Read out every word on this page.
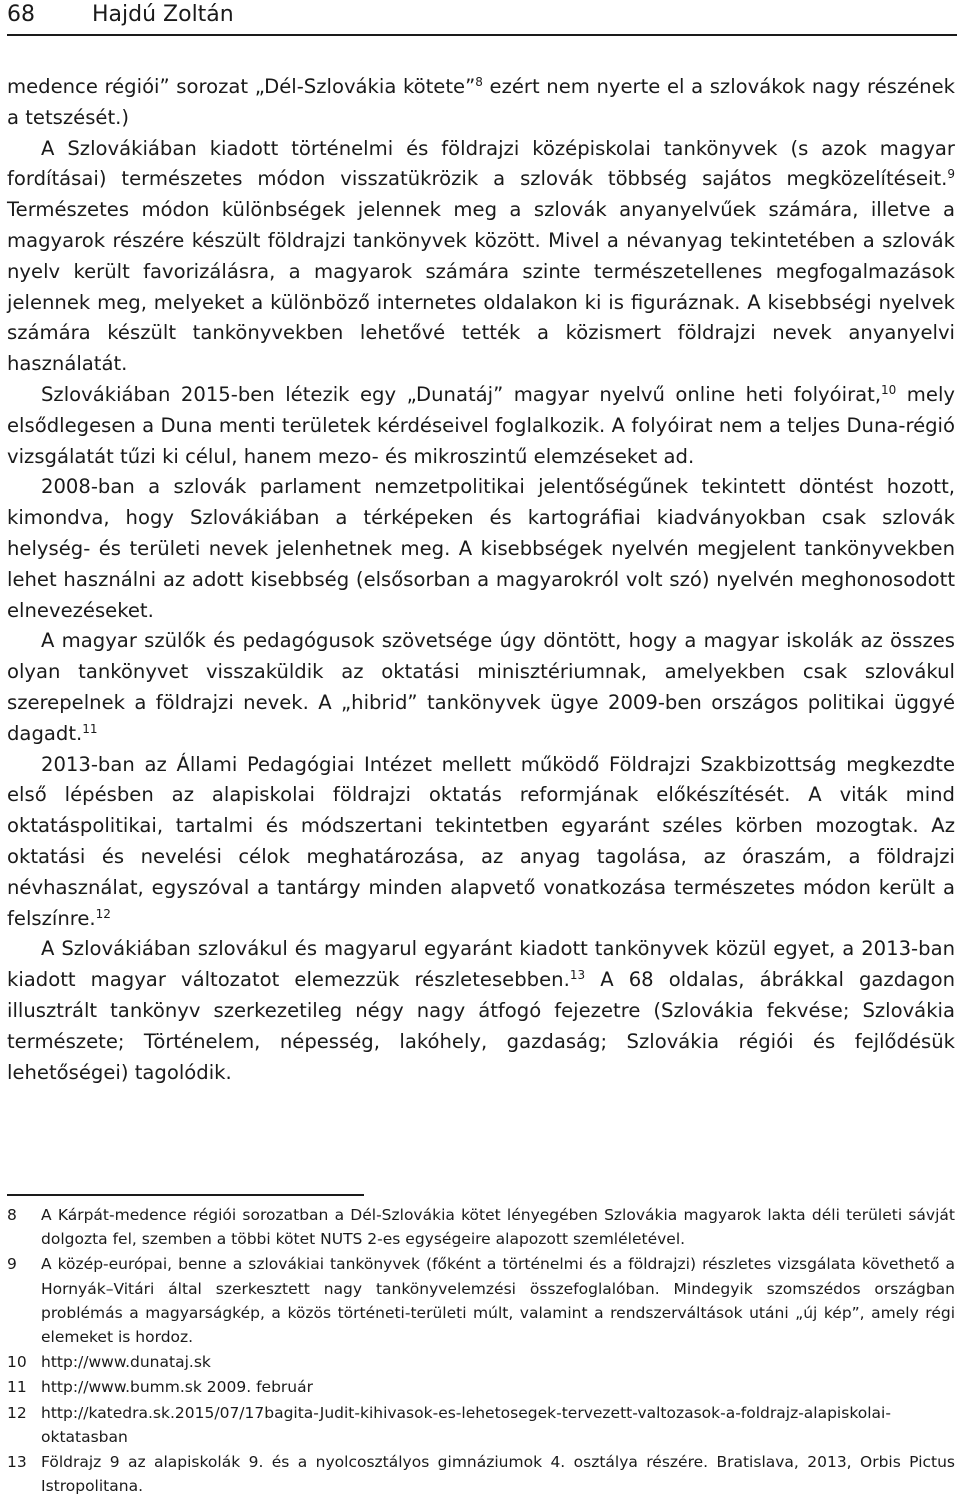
68	Hajdú Zoltán

medence régiói” sorozat „Dél-Szlovákia kötete”$^8$ ezért nem nyerte el a szlovákok nagy részének a tetszését.)

A Szlovákiában kiadott történelmi és földrajzi középiskolai tankönyvek (s azok magyar fordításai) természetes módon visszatükrözik a szlovák többség sajátos megközelítéseit.$^9$ Természetes módon különbségek jelennek meg a szlovák anyanyelvűek számára, illetve a magyarok részére készült földrajzi tankönyvek között. Mivel a névanyag tekintetében a szlovák nyelv került favorizálásra, a magyarok számára szinte természetellenes megfogalmazások jelennek meg, melyeket a különböző internetes oldalakon ki is figuráznak. A kisebbségi nyelvek számára készült tankönyvekben lehetővé tették a közismert földrajzi nevek anyanyelvi használatát.

Szlovákiában 2015-ben létezik egy „Dunatáj” magyar nyelvű online heti folyóirat,$^{10}$ mely elsődlegesen a Duna menti területek kérdéseivel foglalkozik. A folyóirat nem a teljes Duna-régió vizsgálatát tűzi ki célul, hanem mezo- és mikroszintű elemzéseket ad.

2008-ban a szlovák parlament nemzetpolitikai jelentőségűnek tekintett döntést hozott, kimondva, hogy Szlovákiában a térképeken és kartográfiai kiadványokban csak szlovák helység- és területi nevek jelenhetnek meg. A kisebbségek nyelvén megjelent tankönyvekben lehet használni az adott kisebbség (elsősorban a magyarokról volt szó) nyelvén meghonosodott elnevezéseket.

A magyar szülők és pedagógusok szövetsége úgy döntött, hogy a magyar iskolák az összes olyan tankönyvet visszaküldik az oktatási minisztériumnak, amelyekben csak szlovákul szerepelnek a földrajzi nevek. A „hibrid” tankönyvek ügye 2009-ben országos politikai üggyé dagadt.$^{11}$

2013-ban az Állami Pedagógiai Intézet mellett működő Földrajzi Szakbizottság megkezdte első lépésben az alapiskolai földrajzi oktatás reformjának előkészítését. A viták mind oktatáspolitikai, tartalmi és módszertani tekintetben egyaránt széles körben mozogtak. Az oktatási és nevelési célok meghatározása, az anyag tagolása, az óraszám, a földrajzi névhasználat, egyszóval a tantárgy minden alapvető vonatkozása természetes módon került a felszínre.$^{12}$

A Szlovákiában szlovákul és magyarul egyaránt kiadott tankönyvek közül egyet, a 2013-ban kiadott magyar változatot elemezzük részletesebben.$^{13}$ A 68 oldalas, ábrákkal gazdagon illusztrált tankönyv szerkezetileg négy nagy átfogó fejezetre (Szlovákia fekvése; Szlovákia természete; Történelem, népesség, lakóhely, gazdaság; Szlovákia régiói és fejlődésük lehetőségei) tagolódik.

8 A Kárpát-medence régiói sorozatban a Dél-Szlovákia kötet lényegében Szlovákia magyarok lakta déli területi sávját dolgozta fel, szemben a többi kötet NUTS 2-es egységeire alapozott szemléletével.
9 A közép-európai, benne a szlovákiai tankönyvek (főként a történelmi és a földrajzi) részletes vizsgálata követhető a Hornyák–Vitári által szerkesztett nagy tankönyvelemzési összefoglalóban. Mindegyik szomszédos országban problémás a magyarságkép, a közös történeti-területi múlt, valamint a rendszerváltások utáni „új kép”, amely régi elemeket is hordoz.
10 http://www.dunataj.sk
11 http://www.bumm.sk 2009. február
12 http://katedra.sk.2015/07/17bagita-Judit-kihivasok-es-lehetosegek-tervezett-valtozasok-a-foldrajz-alapiskolai-oktatasban
13 Földrajz 9 az alapiskolák 9. és a nyolcosztályos gimnáziumok 4. osztálya részére. Bratislava, 2013, Orbis Pictus Istropolitana.
